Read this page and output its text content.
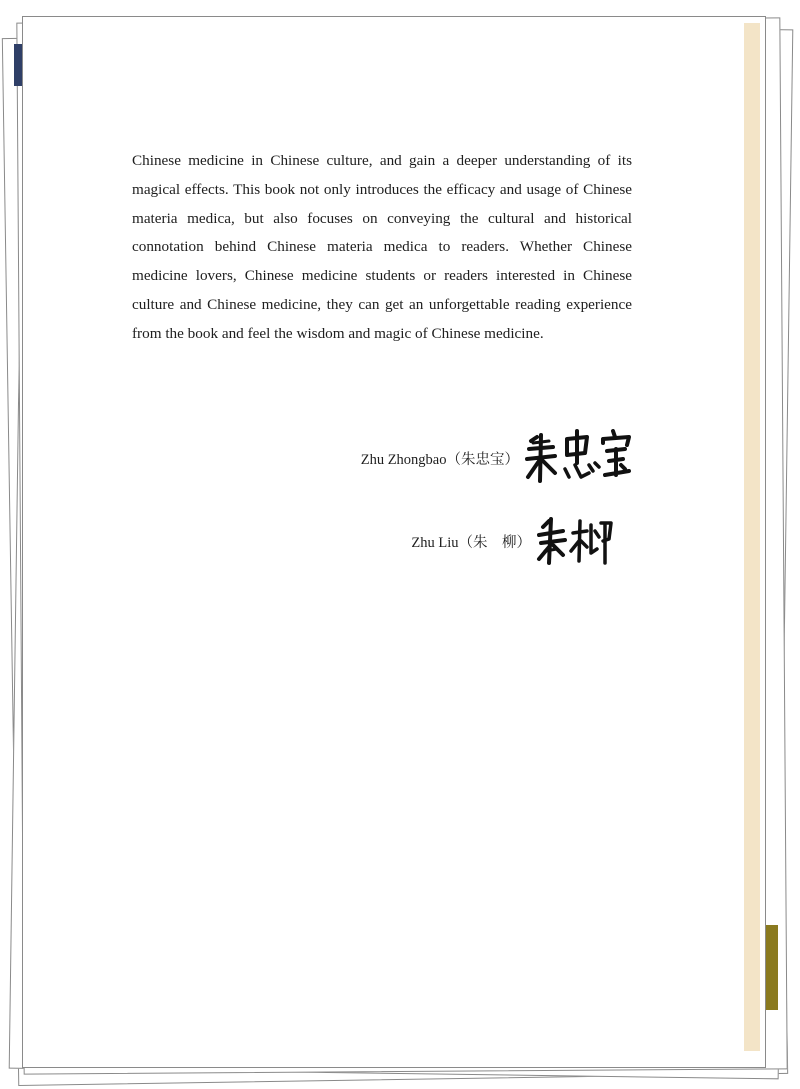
Chinese medicine in Chinese culture, and gain a deeper understanding of its magical effects. This book not only introduces the efficacy and usage of Chinese materia medica, but also focuses on conveying the cultural and historical connotation behind Chinese materia medica to readers. Whether Chinese medicine lovers, Chinese medicine students or readers interested in Chinese culture and Chinese medicine, they can get an unforgettable reading experience from the book and feel the wisdom and magic of Chinese medicine.

Zhu Zhongbao（朱忠宝）
Zhu Liu（朱　柳）
